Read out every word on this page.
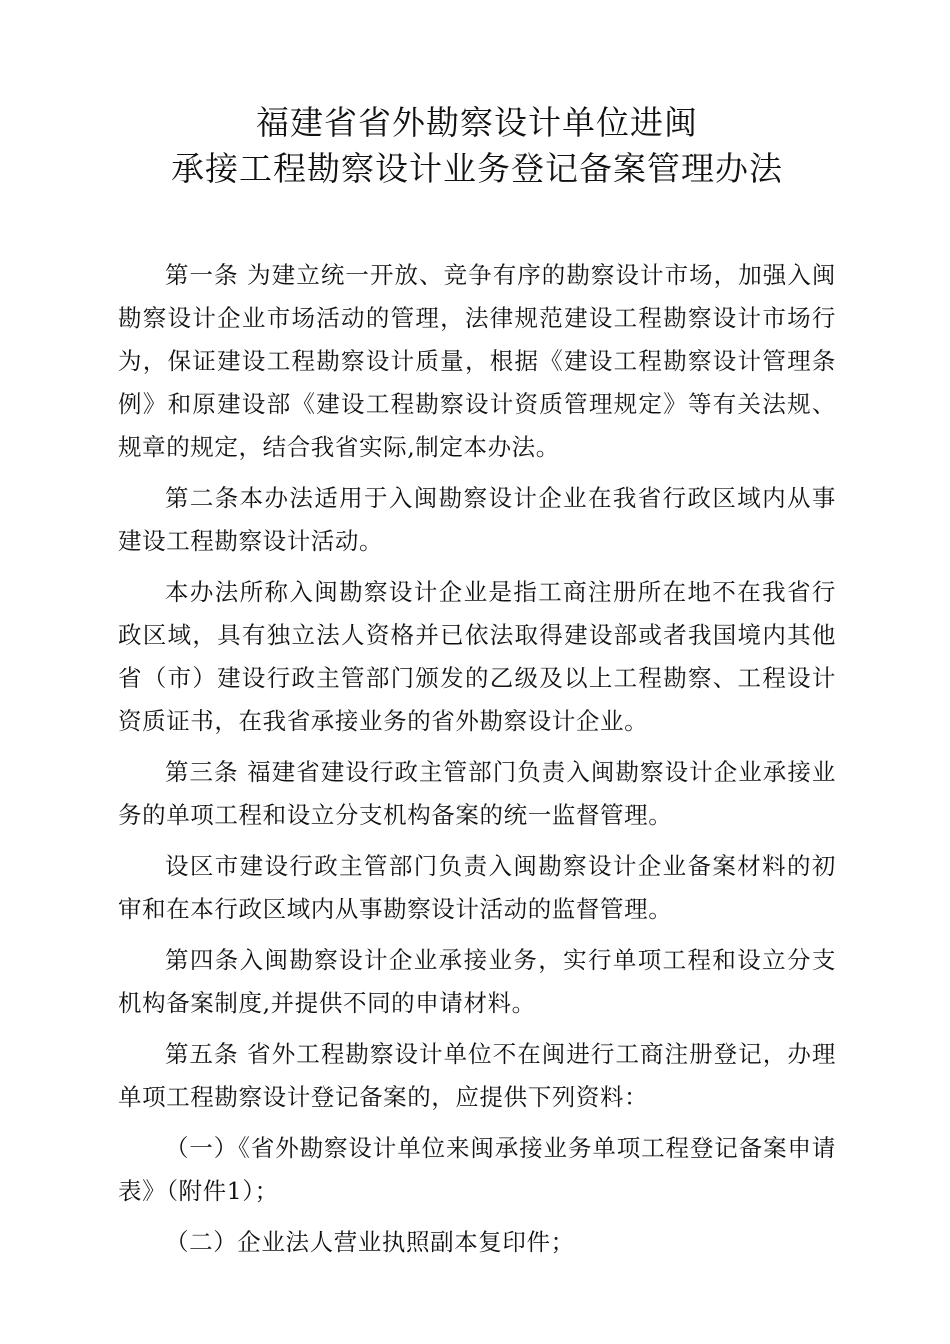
福建省省外勘察设计单位进闽
承接工程勘察设计业务登记备案管理办法

第一条 为建立统一开放、竞争有序的勘察设计市场，加强入闽勘察设计企业市场活动的管理，法律规范建设工程勘察设计市场行为，保证建设工程勘察设计质量，根据《建设工程勘察设计管理条例》和原建设部《建设工程勘察设计资质管理规定》等有关法规、规章的规定，结合我省实际,制定本办法。

第二条本办法适用于入闽勘察设计企业在我省行政区域内从事建设工程勘察设计活动。

本办法所称入闽勘察设计企业是指工商注册所在地不在我省行政区域，具有独立法人资格并已依法取得建设部或者我国境内其他省（市）建设行政主管部门颁发的乙级及以上工程勘察、工程设计资质证书，在我省承接业务的省外勘察设计企业。

第三条 福建省建设行政主管部门负责入闽勘察设计企业承接业务的单项工程和设立分支机构备案的统一监督管理。

设区市建设行政主管部门负责入闽勘察设计企业备案材料的初审和在本行政区域内从事勘察设计活动的监督管理。

第四条入闽勘察设计企业承接业务，实行单项工程和设立分支机构备案制度,并提供不同的申请材料。

第五条 省外工程勘察设计单位不在闽进行工商注册登记，办理单项工程勘察设计登记备案的，应提供下列资料：

（一）《省外勘察设计单位来闽承接业务单项工程登记备案申请表》（附件1）；

（二）企业法人营业执照副本复印件；
